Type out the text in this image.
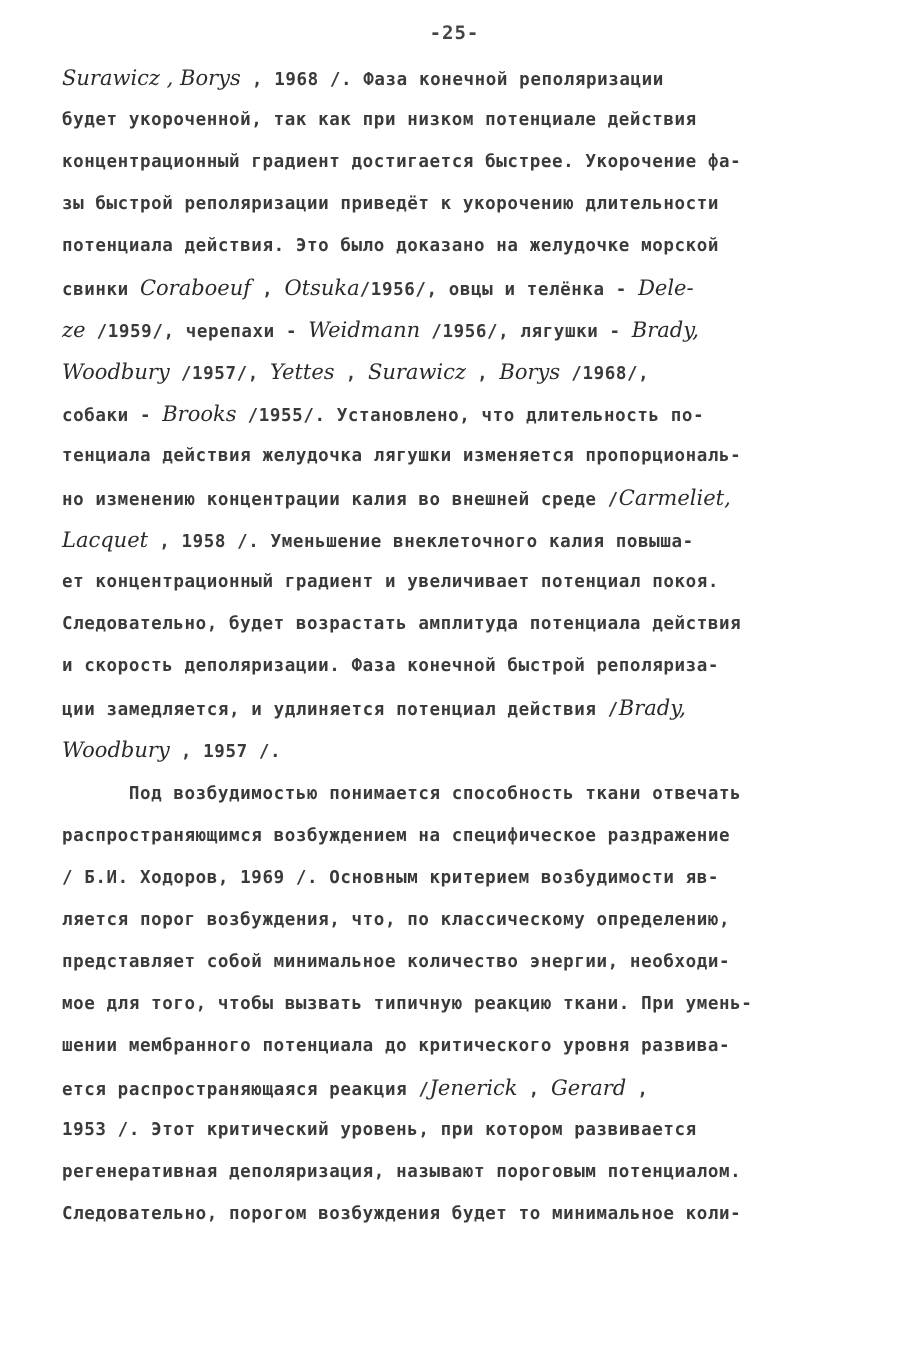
-25-
Surawicz , Borys , 1968 /. Фаза конечной реполяризации
будет укороченной, так как при низком потенциале действия
концентрационный градиент достигается быстрее. Укорочение фа-
зы быстрой реполяризации приведёт к укорочению длительности
потенциала действия. Это было доказано на желудочке морской
свинки Coraboeuf , Otsuka/1956/, овцы и телёнка - Dele-
ze /1959/, черепахи - Weidmann /1956/, лягушки - Brady,
Woodbury /1957/, Yettes , Surawicz , Borys /1968/,
собаки - Brooks /1955/. Установлено, что длительность по-
тенциала действия желудочка лягушки изменяется пропорциональ-
но изменению концентрации калия во внешней среде /Carmeliet,
Lacquet , 1958 /. Уменьшение внеклеточного калия повыша-
ет концентрационный градиент и увеличивает потенциал покоя.
Следовательно, будет возрастать амплитуда потенциала действия
и скорость деполяризации. Фаза конечной быстрой реполяриза-
ции замедляется, и удлиняется потенциал действия /Brady,
Woodbury , 1957 /.
Под возбудимостью понимается способность ткани отвечать
распространяющимся возбуждением на специфическое раздражение
/ Б.И. Ходоров, 1969 /. Основным критерием возбудимости яв-
ляется порог возбуждения, что, по классическому определению,
представляет собой минимальное количество энергии, необходи-
мое для того, чтобы вызвать типичную реакцию ткани. При умень-
шении мембранного потенциала до критического уровня развива-
ется распространяющаяся реакция /Jenerick , Gerard ,
1953 /. Этот критический уровень, при котором развивается
регенеративная деполяризация, называют пороговым потенциалом.
Следовательно, порогом возбуждения будет то минимальное коли-
